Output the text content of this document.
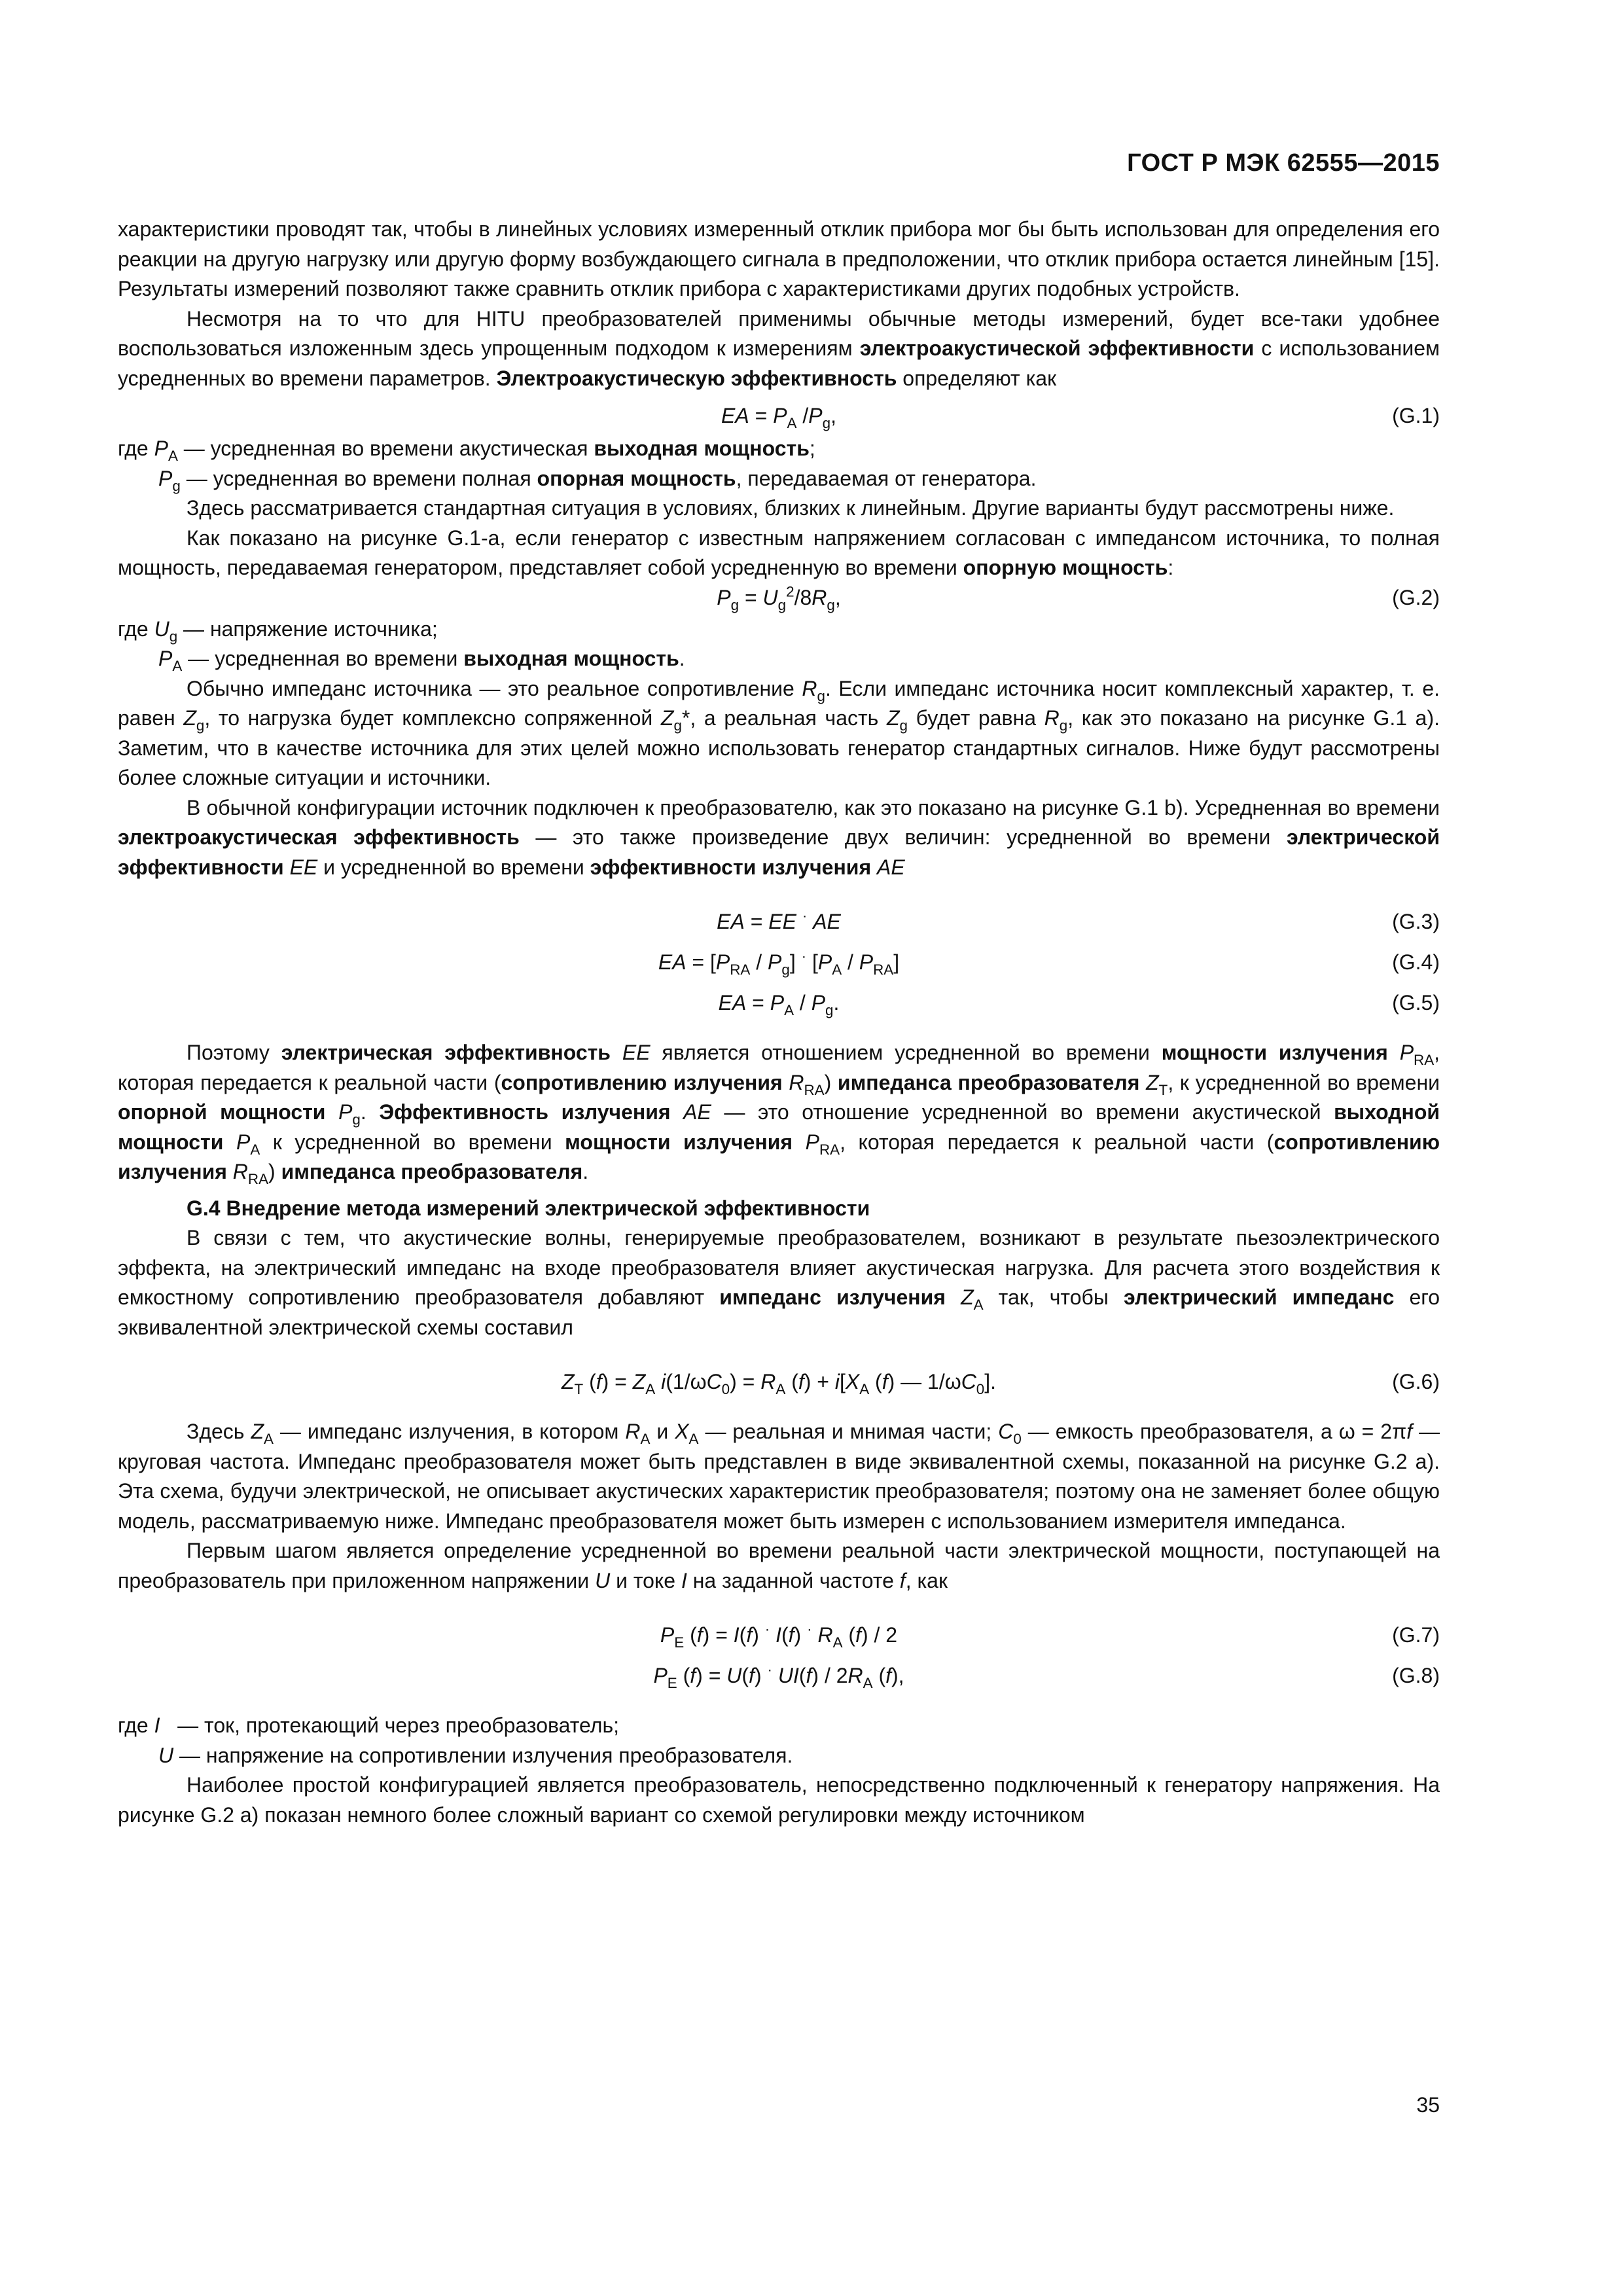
ГОСТ Р МЭК 62555—2015

характеристики проводят так, чтобы в линейных условиях измеренный отклик прибора мог бы быть использован для определения его реакции на другую нагрузку или другую форму возбуждающего сигнала в предположении, что отклик прибора остается линейным [15]. Результаты измерений позволяют также сравнить отклик прибора с характеристиками других подобных устройств.

Несмотря на то что для HITU преобразователей применимы обычные методы измерений, будет все-таки удобнее воспользоваться изложенным здесь упрощенным подходом к измерениям электроакустической эффективности с использованием усредненных во времени параметров. Электроакустическую эффективность определяют как

EA = $P_A$ $/P_g$,	(G.1)

где $P_A$ — усредненная во времени акустическая выходная мощность;

$P_g$ — усредненная во времени полная опорная мощность, передаваемая от генератора.

Здесь рассматривается стандартная ситуация в условиях, близких к линейным. Другие варианты будут рассмотрены ниже.

Как показано на рисунке G.1-а, если генератор с известным напряжением согласован с импедансом источника, то полная мощность, передаваемая генератором, представляет собой усредненную во времени опорную мощность:

$P_g = U_g^2/8R_g$,	(G.2)

где $U_g$ — напряжение источника;

$P_A$ — усредненная во времени выходная мощность.

Обычно импеданс источника — это реальное сопротивление $R_g$. Если импеданс источника носит комплексный характер, т. е. равен $Z_g$, то нагрузка будет комплексно сопряженной $Z_g*$, а реальная часть $Z_g$ будет равна $R_g$, как это показано на рисунке G.1 а). Заметим, что в качестве источника для этих целей можно использовать генератор стандартных сигналов. Ниже будут рассмотрены более сложные ситуации и источники.

В обычной конфигурации источник подключен к преобразователю, как это показано на рисунке G.1 b). Усредненная во времени электроакустическая эффективность — это также произведение двух величин: усредненной во времени электрической эффективности EE и усредненной во времени эффективности излучения AE

EA = EE · AE	(G.3)
EA = $[P_{RA} / P_g]$ · $[P_A / P_{RA}]$	(G.4)
EA = $P_A / P_g$.	(G.5)

Поэтому электрическая эффективность EE является отношением усредненной во времени мощности излучения $P_{RA}$, которая передается к реальной части (сопротивлению излучения $R_{RA}$) импеданса преобразователя $Z_T$, к усредненной во времени опорной мощности $P_g$. Эффективность излучения AE — это отношение усредненной во времени акустической выходной мощности $P_A$ к усредненной во времени мощности излучения $P_{RA}$, которая передается к реальной части (сопротивлению излучения $R_{RA}$) импеданса преобразователя.

G.4 Внедрение метода измерений электрической эффективности

В связи с тем, что акустические волны, генерируемые преобразователем, возникают в результате пьезоэлектрического эффекта, на электрический импеданс на входе преобразователя влияет акустическая нагрузка. Для расчета этого воздействия к емкостному сопротивлению преобразователя добавляют импеданс излучения $Z_A$ так, чтобы электрический импеданс его эквивалентной электрической схемы составил

$Z_T$ $(f) = Z_A$ $i(1/\omega C_0) = R_A$ $(f) + i[X_A$ (f) — $1/\omega C_0$].	(G.6)

Здесь $Z_A$ — импеданс излучения, в котором $R_A$ и $X_A$ — реальная и мнимая части; $C_0$ — емкость преобразователя, а ω = 2πf — круговая частота. Импеданс преобразователя может быть представлен в виде эквивалентной схемы, показанной на рисунке G.2 а). Эта схема, будучи электрической, не описывает акустических характеристик преобразователя; поэтому она не заменяет более общую модель, рассматриваемую ниже. Импеданс преобразователя может быть измерен с использованием измерителя импеданса.

Первым шагом является определение усредненной во времени реальной части электрической мощности, поступающей на преобразователь при приложенном напряжении U и токе I на заданной частоте f, как

$P_E$ (f) = I(f) · I(f) · $R_A$ (f) / 2	(G.7)
$P_E$ (f) = U(f) · $UI(f) / 2R_A$ (f),	(G.8)

где I   — ток, протекающий через преобразователь;

U — напряжение на сопротивлении излучения преобразователя.

Наиболее простой конфигурацией является преобразователь, непосредственно подключенный к генератору напряжения. На рисунке G.2 а) показан немного более сложный вариант со схемой регулировки между источником

35
